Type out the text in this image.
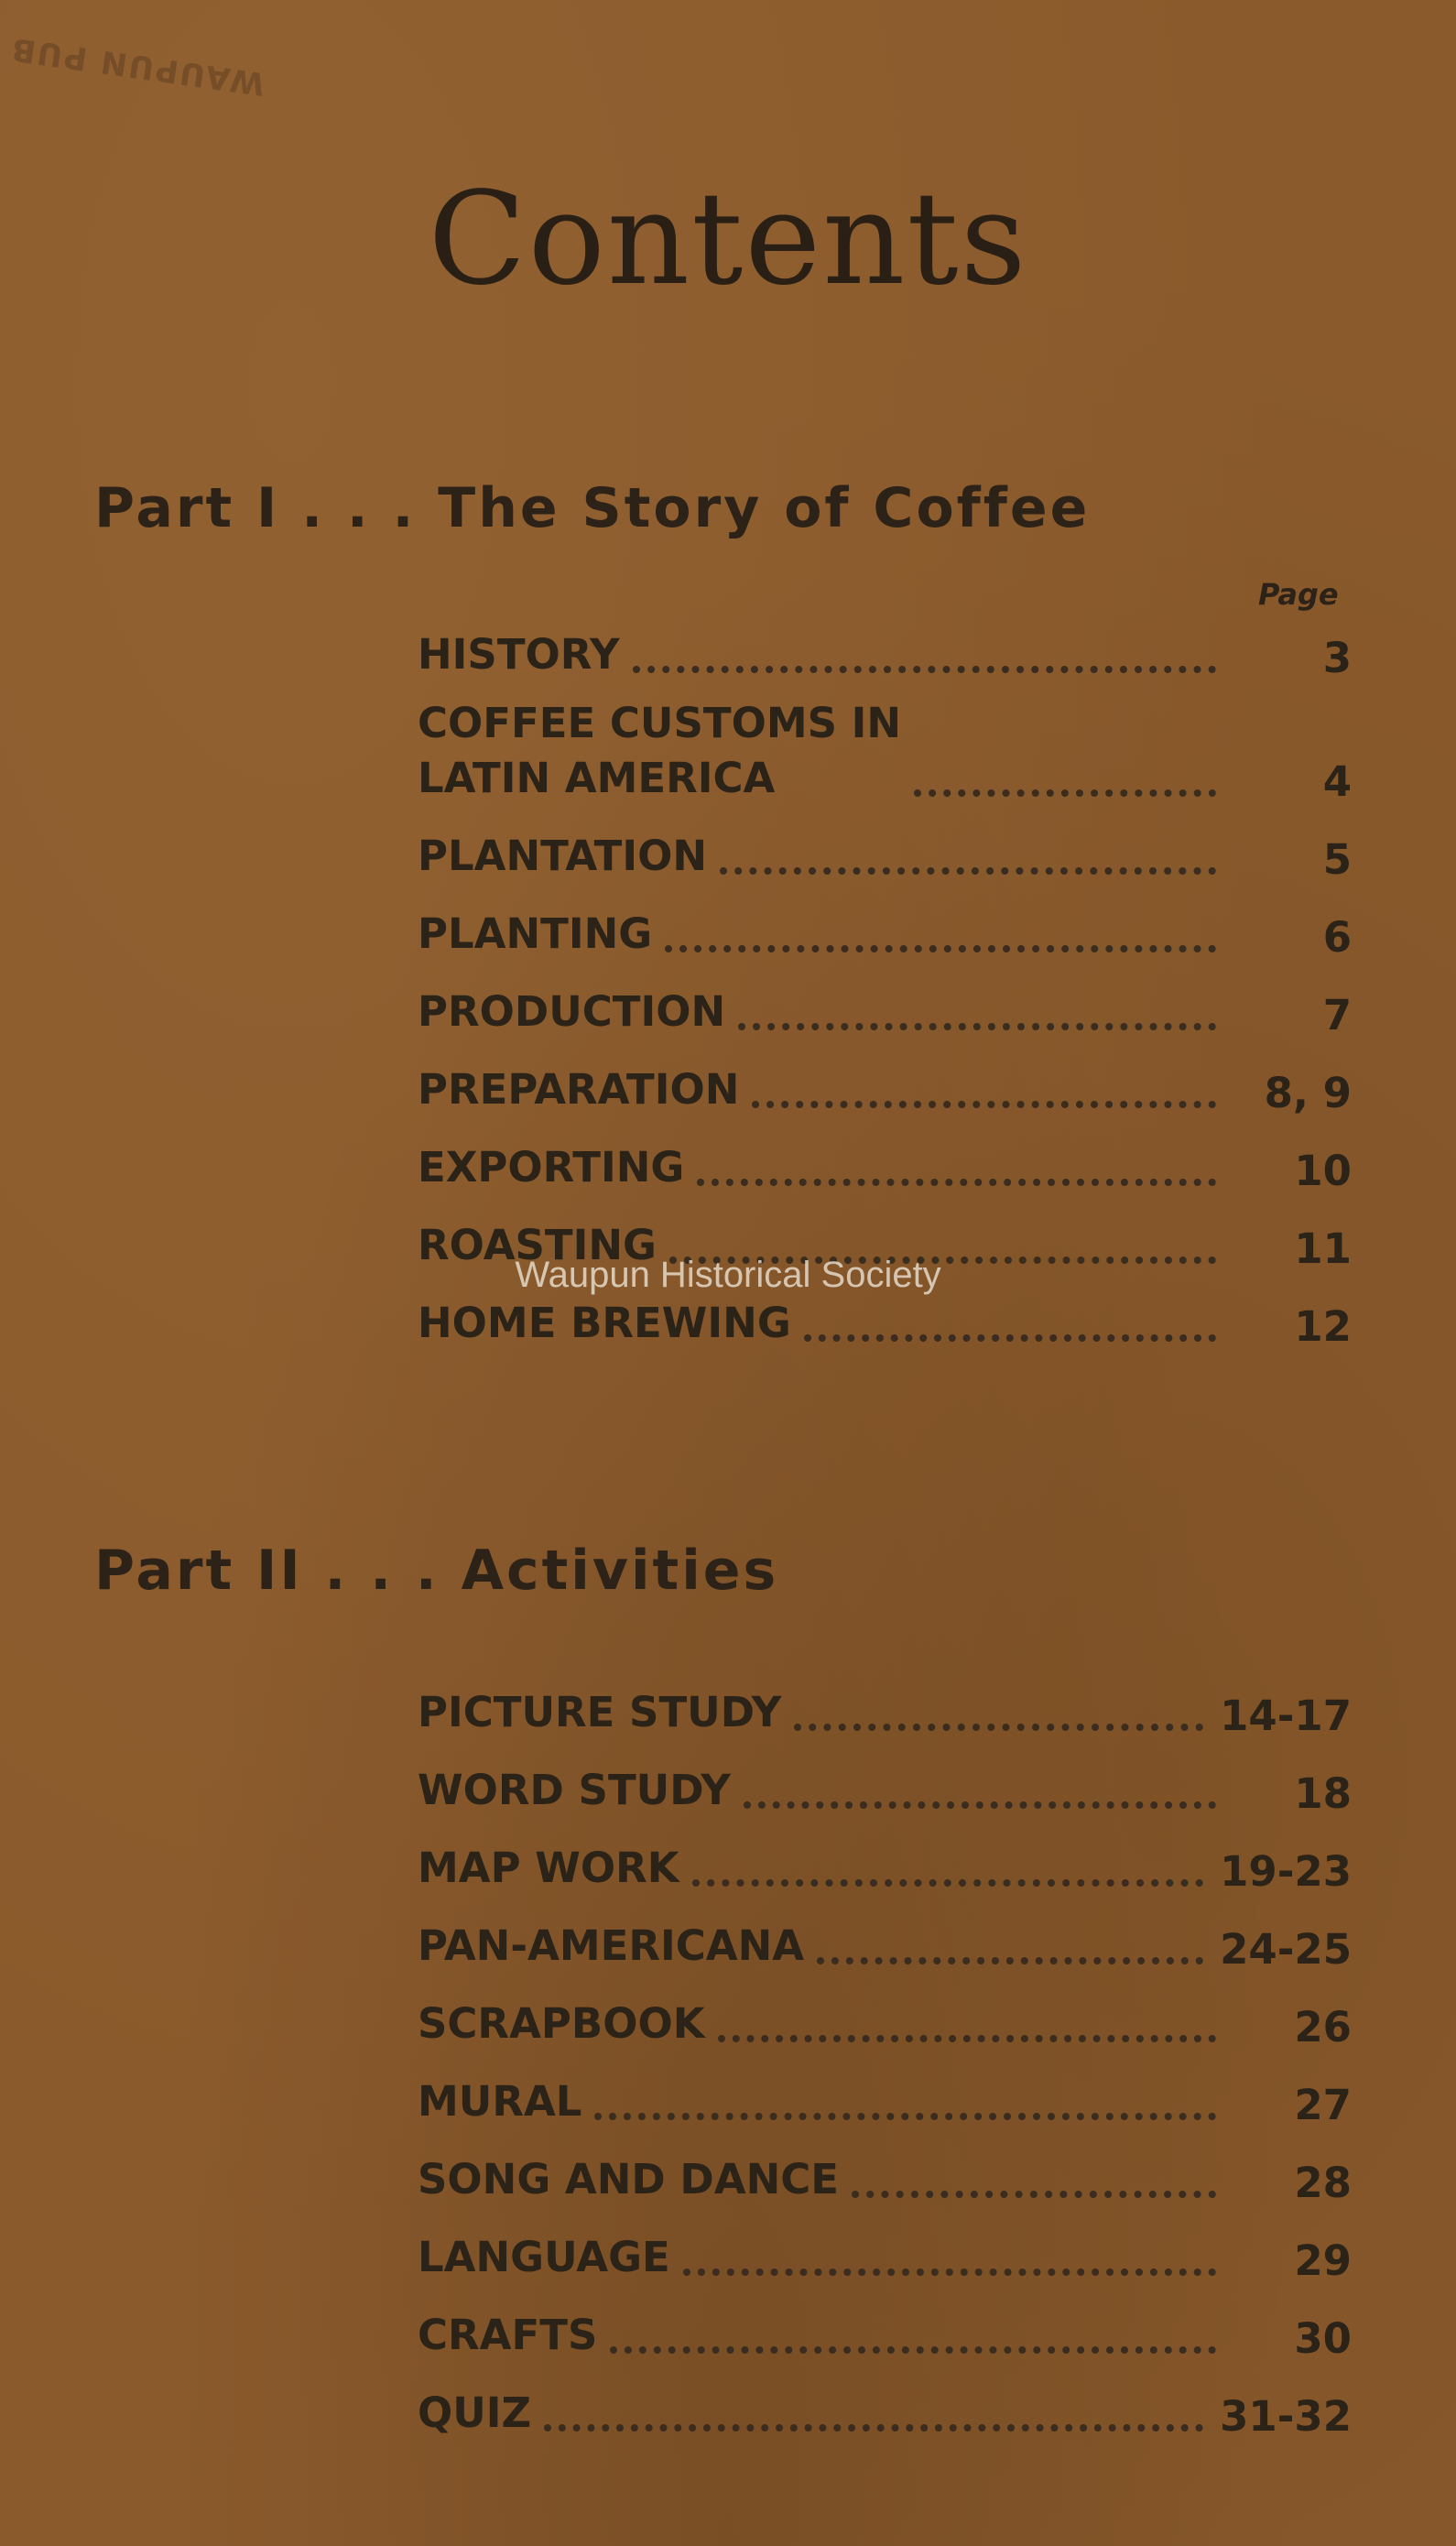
WAUPUN PUB
Contents
Part I . . . The Story of Coffee
Page
HISTORY	3
COFFEE CUSTOMS IN
LATIN AMERICA	4
PLANTATION	5
PLANTING	6
PRODUCTION	7
PREPARATION	8, 9
EXPORTING	10
ROASTING	11
HOME BREWING	12
Part II . . . Activities
PICTURE STUDY	14-17
WORD STUDY	18
MAP WORK	19-23
PAN-AMERICANA	24-25
SCRAPBOOK	26
MURAL	27
SONG AND DANCE	28
LANGUAGE	29
CRAFTS	30
QUIZ	31-32
Waupun Historical Society
